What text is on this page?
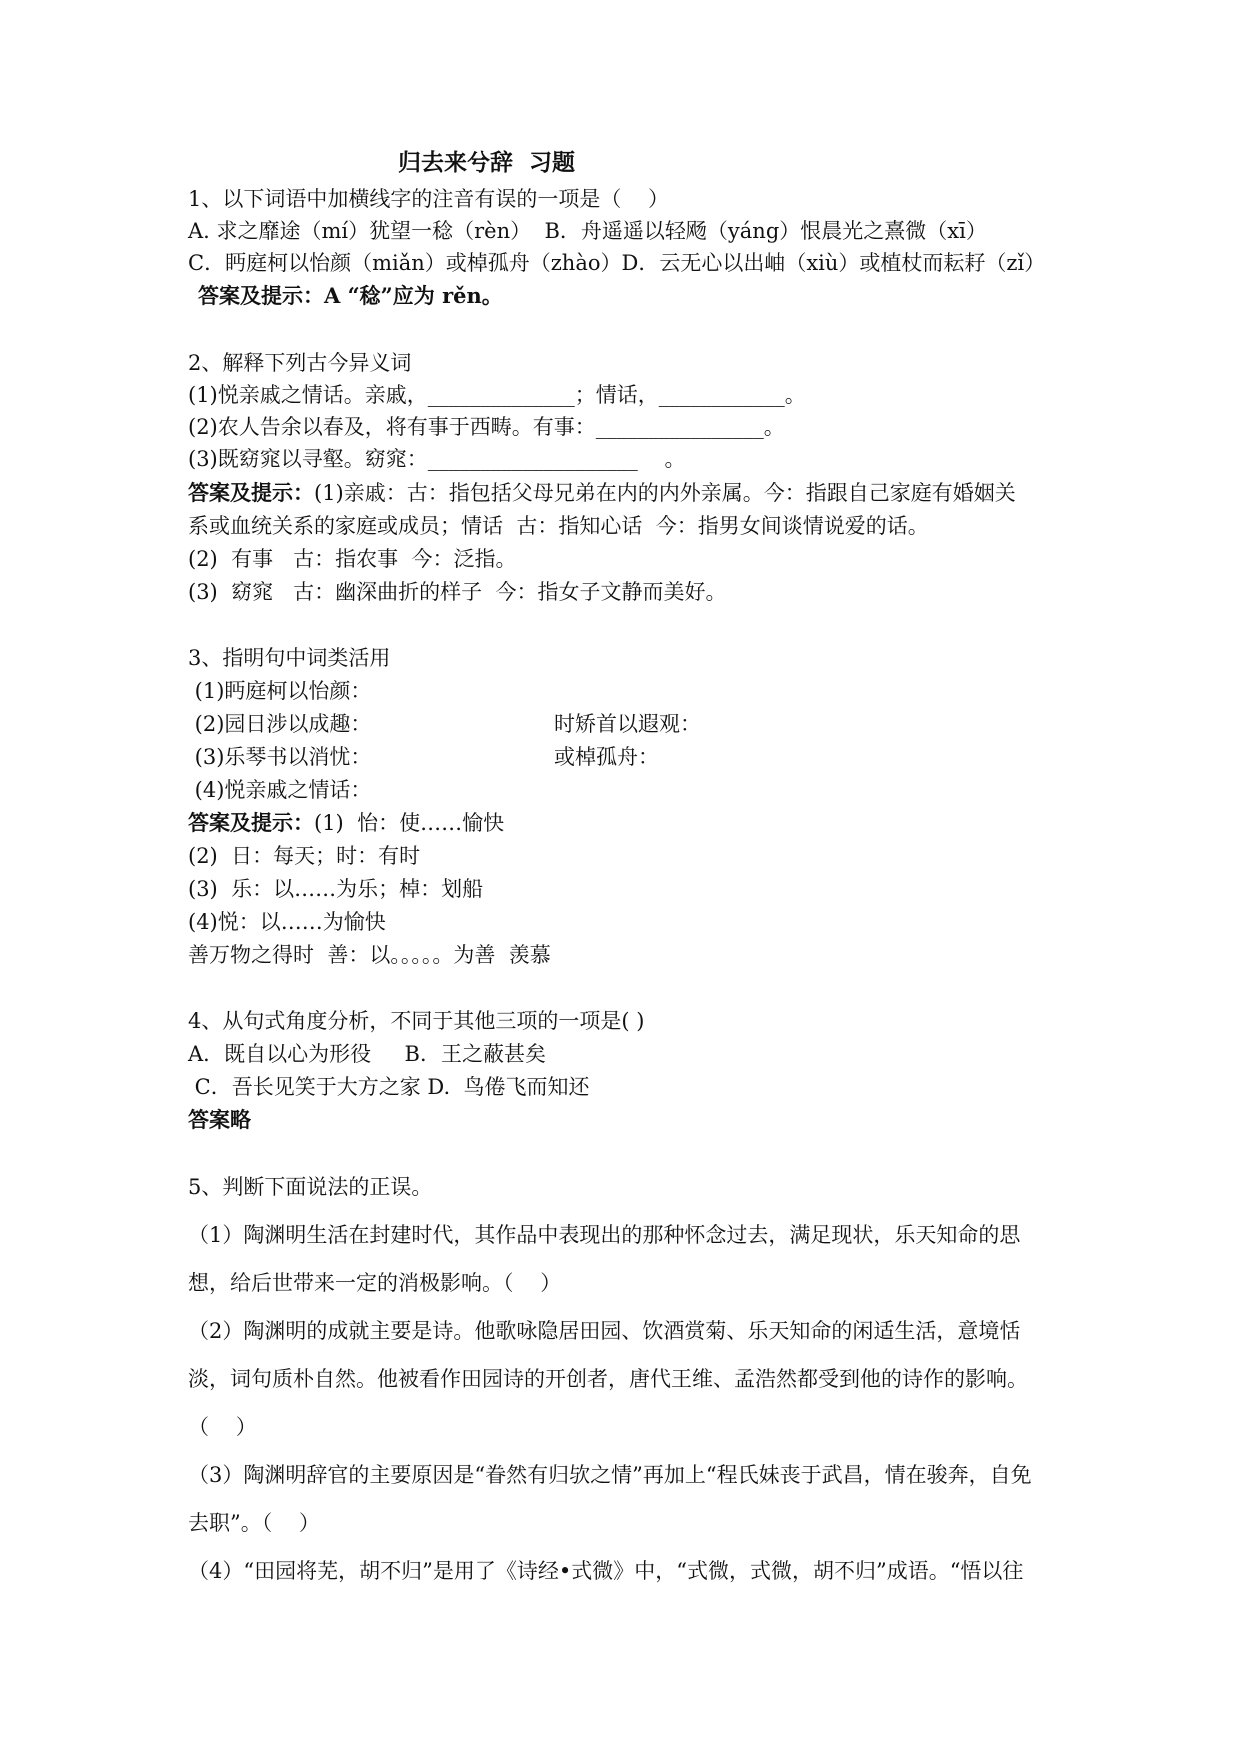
归去来兮辞  习题
1、以下词语中加横线字的注音有误的一项是（    ）
A. 求之靡途（mí）犹望一稔（rèn）  B．舟遥遥以轻飏（yáng）恨晨光之熹微（xī）
C．眄庭柯以怡颜（miǎn）或棹孤舟（zhào）D．云无心以出岫（xiù）或植杖而耘耔（zǐ）
答案及提示：A “稔”应为 rěn。
2、解释下列古今异义词
(1)悦亲戚之情话。亲戚，______________；情话，____________。
(2)农人告余以春及，将有事于西畴。有事：________________。
(3)既窈窕以寻壑。窈窕：____________________    。
答案及提示：(1)亲戚：古：指包括父母兄弟在内的内外亲属。今：指跟自己家庭有婚姻关
系或血统关系的家庭或成员；情话  古：指知心话  今：指男女间谈情说爱的话。
(2)  有事   古：指农事  今：泛指。
(3)  窈窕   古：幽深曲折的样子  今：指女子文静而美好。
3、指明句中词类活用
(1)眄庭柯以怡颜：
(2)园日涉以成趣：	时矫首以遐观：
(3)乐琴书以消忧：	或棹孤舟：
(4)悦亲戚之情话：
答案及提示：(1)  怡：使……愉快
(2)  日：每天；时：有时
(3)  乐：以……为乐；棹：划船
(4)悦：以……为愉快
善万物之得时  善：以。。。。。为善  羡慕
4、从句式角度分析，不同于其他三项的一项是( )
A．既自以心为形役     B．王之蔽甚矣
C．吾长见笑于大方之家 D.  鸟倦飞而知还
答案略
5、判断下面说法的正误。
（1）陶渊明生活在封建时代，其作品中表现出的那种怀念过去，满足现状，乐天知命的思
想，给后世带来一定的消极影响。（    ）
（2）陶渊明的成就主要是诗。他歌咏隐居田园、饮酒赏菊、乐天知命的闲适生活，意境恬
淡，词句质朴自然。他被看作田园诗的开创者，唐代王维、孟浩然都受到他的诗作的影响。
（    ）
（3）陶渊明辞官的主要原因是“眷然有归欤之情”再加上“程氏妹丧于武昌，情在骏奔，自免
去职”。（    ）
（4）“田园将芜，胡不归”是用了《诗经•式微》中，“式微，式微，胡不归”成语。“悟以往
